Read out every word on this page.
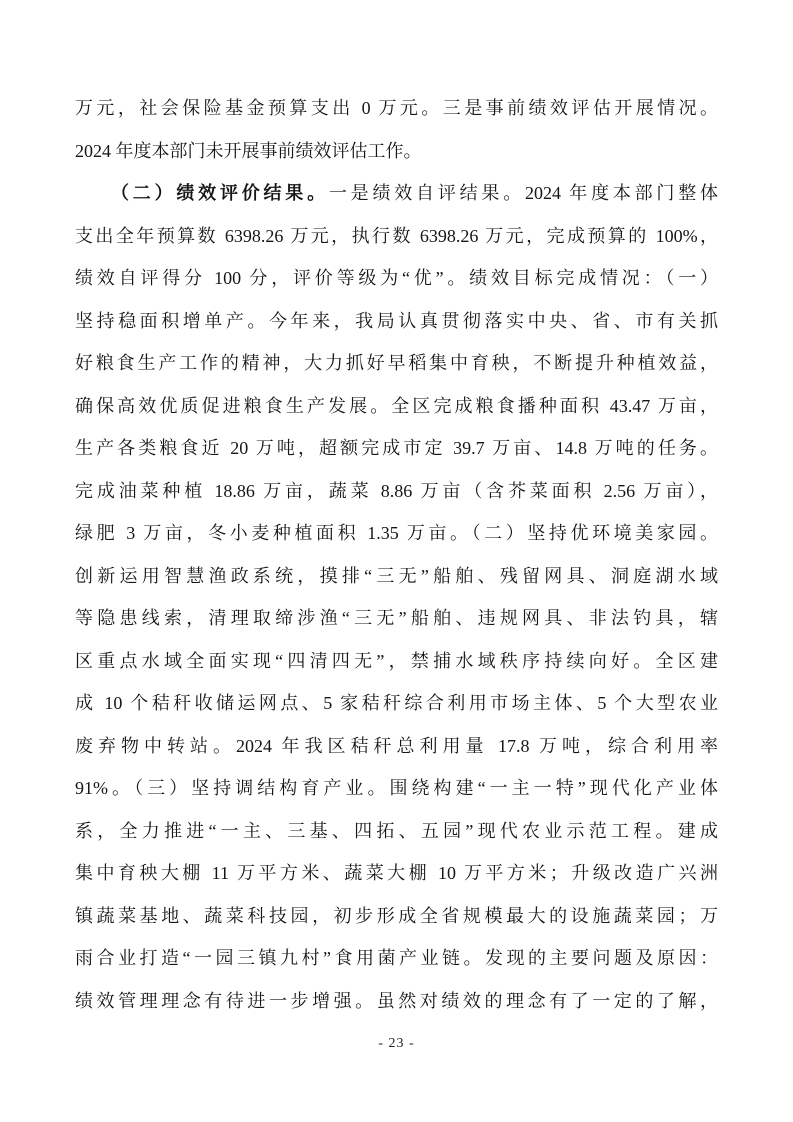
万元，社会保险基金预算支出 0 万元。三是事前绩效评估开展情况。
2024 年度本部门未开展事前绩效评估工作。
（二）绩效评价结果。一是绩效自评结果。2024 年度本部门整体
支出全年预算数 6398.26 万元，执行数 6398.26 万元，完成预算的 100%，
绩效自评得分 100 分，评价等级为“优”。绩效目标完成情况：（一）
坚持稳面积增单产。今年来，我局认真贯彻落实中央、省、市有关抓
好粮食生产工作的精神，大力抓好早稻集中育秧，不断提升种植效益，
确保高效优质促进粮食生产发展。全区完成粮食播种面积 43.47 万亩，
生产各类粮食近 20 万吨，超额完成市定 39.7 万亩、14.8 万吨的任务。
完成油菜种植 18.86 万亩，蔬菜 8.86 万亩（含芥菜面积 2.56 万亩），
绿肥 3 万亩，冬小麦种植面积 1.35 万亩。（二）坚持优环境美家园。
创新运用智慧渔政系统，摸排“三无”船舶、残留网具、洞庭湖水域
等隐患线索，清理取缔涉渔“三无”船舶、违规网具、非法钓具，辖
区重点水域全面实现“四清四无”，禁捕水域秩序持续向好。全区建
成 10 个秸秆收储运网点、5 家秸秆综合利用市场主体、5 个大型农业
废弃物中转站。2024 年我区秸秆总利用量 17.8 万吨，综合利用率
91%。（三）坚持调结构育产业。围绕构建“一主一特”现代化产业体
系，全力推进“一主、三基、四拓、五园”现代农业示范工程。建成
集中育秧大棚 11 万平方米、蔬菜大棚 10 万平方米；升级改造广兴洲
镇蔬菜基地、蔬菜科技园，初步形成全省规模最大的设施蔬菜园；万
雨合业打造“一园三镇九村”食用菌产业链。发现的主要问题及原因：
绩效管理理念有待进一步增强。虽然对绩效的理念有了一定的了解，
- 23 -
